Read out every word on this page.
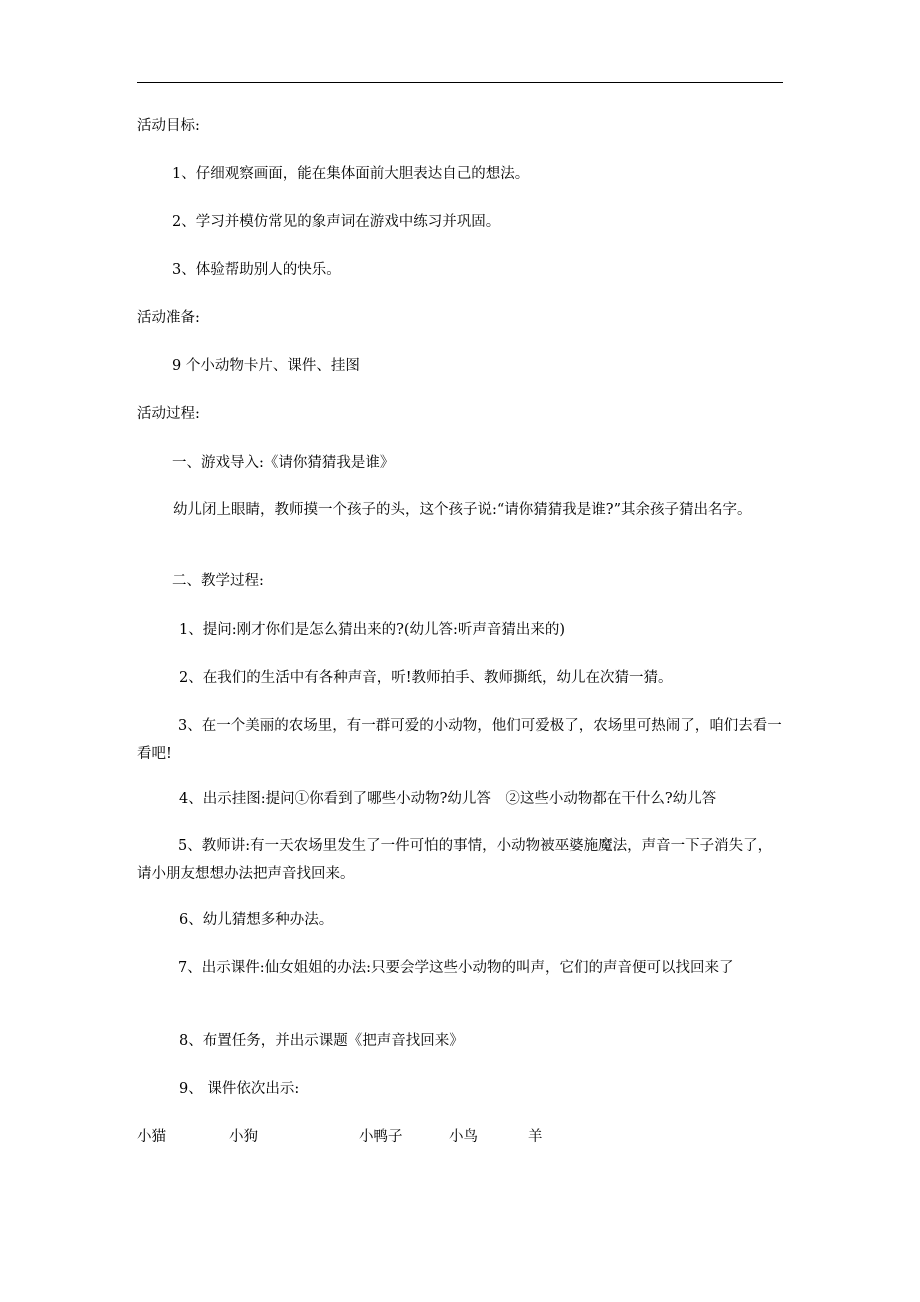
活动目标:
1、仔细观察画面，能在集体面前大胆表达自己的想法。
2、学习并模仿常见的象声词在游戏中练习并巩固。
3、体验帮助别人的快乐。
活动准备:
9 个小动物卡片、课件、挂图
活动过程:
一、游戏导入:《请你猜猜我是谁》
幼儿闭上眼睛，教师摸一个孩子的头，这个孩子说:“请你猜猜我是谁?”其余孩子猜出名字。
二、教学过程:
1、提问:刚才你们是怎么猜出来的?(幼儿答:听声音猜出来的)
2、在我们的生活中有各种声音，听!教师拍手、教师撕纸，幼儿在次猜一猜。
3、在一个美丽的农场里，有一群可爱的小动物，他们可爱极了，农场里可热闹了，咱们去看一看吧!
4、出示挂图:提问①你看到了哪些小动物?幼儿答　②这些小动物都在干什么?幼儿答
5、教师讲:有一天农场里发生了一件可怕的事情，小动物被巫婆施魔法，声音一下子消失了，请小朋友想想办法把声音找回来。
6、幼儿猜想多种办法。
7、出示课件:仙女姐姐的办法:只要会学这些小动物的叫声，它们的声音便可以找回来了
8、布置任务，并出示课题《把声音找回来》
9、 课件依次出示:
小猫	小狗	小鸭子	小鸟	羊
